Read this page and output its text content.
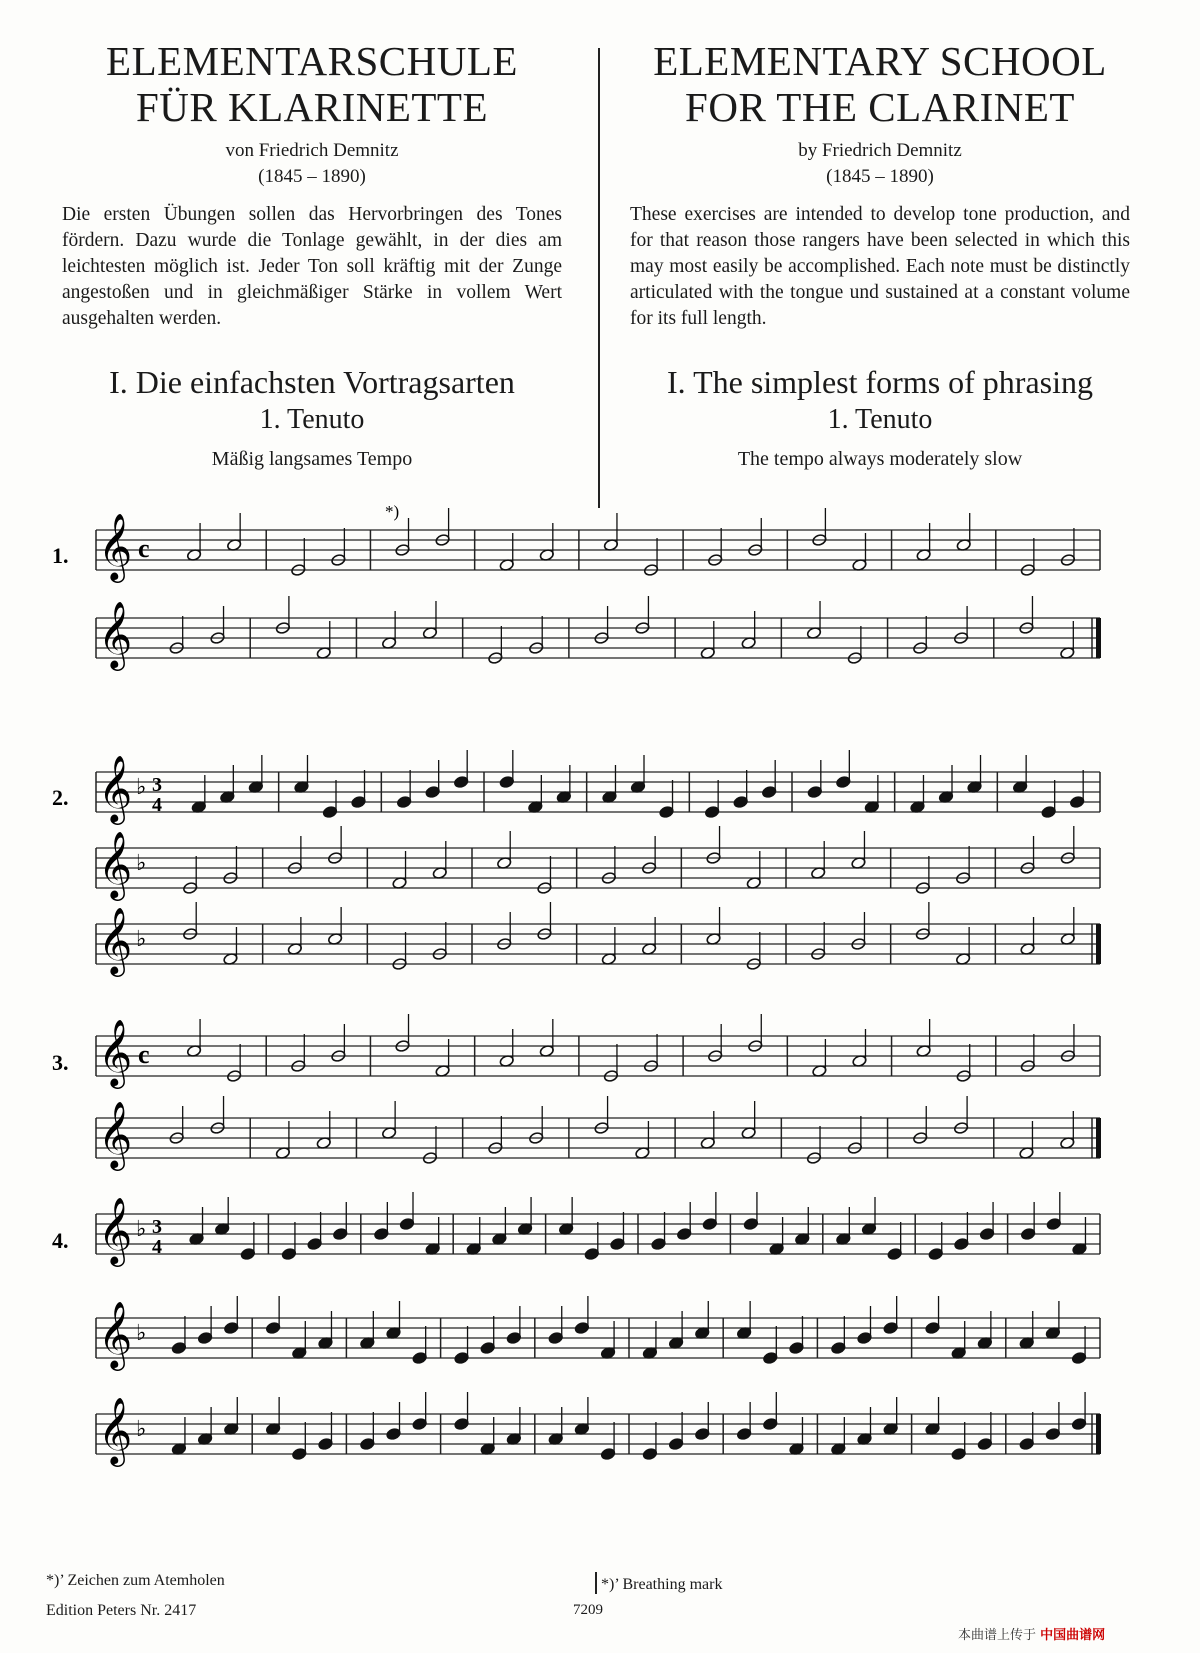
ELEMENTARSCHULE
FÜR KLARINETTE
von Friedrich Demnitz
(1845 – 1890)
Die ersten Übungen sollen das Hervorbringen des Tones fördern. Dazu wurde die Tonlage gewählt, in der dies am leichtesten möglich ist. Jeder Ton soll kräftig mit der Zunge angestoßen und in gleichmäßiger Stärke in vollem Wert ausgehalten werden.
I. Die einfachsten Vortragsarten
1. Tenuto
Mäßig langsames Tempo
ELEMENTARY SCHOOL
FOR THE CLARINET
by Friedrich Demnitz
(1845 – 1890)
These exercises are intended to develop tone production, and for that reason those rangers have been selected in which this may most easily be accomplished. Each note must be distinctly articulated with the tongue und sustained at a constant volume for its full length.
I. The simplest forms of phrasing
1. Tenuto
The tempo always moderately slow
𝄞 c
𝄞
𝄞 ♭ 3
4
𝄞 ♭
𝄞 ♭
𝄞 c
𝄞
𝄞 ♭ 3
4
𝄞 ♭
𝄞 ♭
*)
1.
2.
3.
4.
*)’ Zeichen zum Atemholen	*)’ Breathing mark
Edition Peters Nr. 2417	7209
本曲谱上传于 中国曲谱网
